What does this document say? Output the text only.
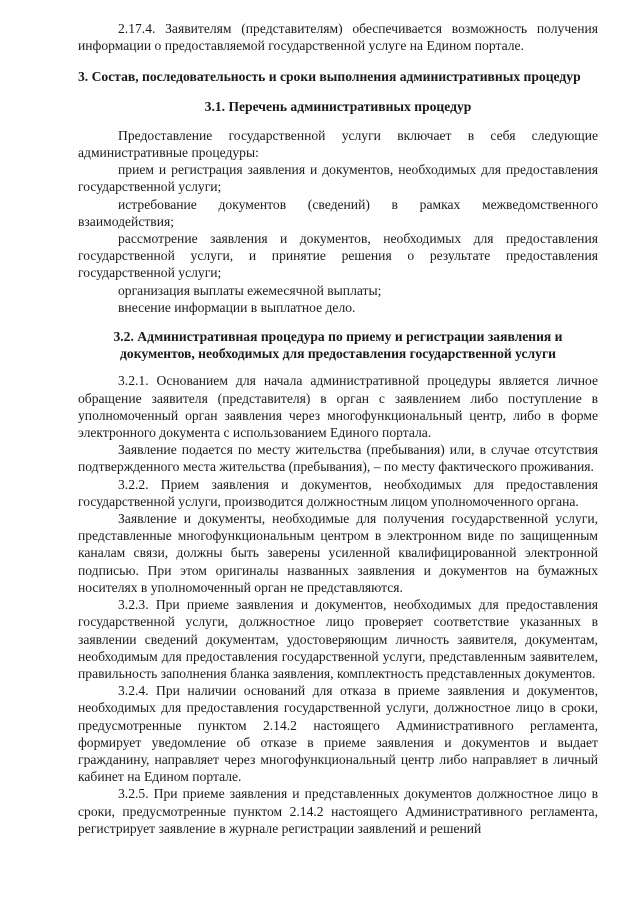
2.17.4. Заявителям (представителям) обеспечивается возможность получения информации о предоставляемой государственной услуге на Едином портале.

3. Состав, последовательность и сроки выполнения административных процедур

3.1. Перечень административных процедур

Предоставление государственной услуги включает в себя следующие административные процедуры:

прием и регистрация заявления и документов, необходимых для предоставления государственной услуги;

истребование документов (сведений) в рамках межведомственного взаимодействия;

рассмотрение заявления и документов, необходимых для предоставления государственной услуги, и принятие решения о результате предоставления государственной услуги;

организация выплаты ежемесячной выплаты;

внесение информации в выплатное дело.

3.2. Административная процедура по приему и регистрации заявления и документов, необходимых для предоставления государственной услуги

3.2.1. Основанием для начала административной процедуры является личное обращение заявителя (представителя) в орган с заявлением либо поступление в уполномоченный орган заявления через многофункциональный центр, либо в форме электронного документа с использованием Единого портала.

Заявление подается по месту жительства (пребывания) или, в случае отсутствия подтвержденного места жительства (пребывания), – по месту фактического проживания.

3.2.2. Прием заявления и документов, необходимых для предоставления государственной услуги, производится должностным лицом уполномоченного органа.

Заявление и документы, необходимые для получения государственной услуги, представленные многофункциональным центром в электронном виде по защищенным каналам связи, должны быть заверены усиленной квалифицированной электронной подписью. При этом оригиналы названных заявления и документов на бумажных носителях в уполномоченный орган не представляются.

3.2.3. При приеме заявления и документов, необходимых для предоставления государственной услуги, должностное лицо проверяет соответствие указанных в заявлении сведений документам, удостоверяющим личность заявителя, документам, необходимым для предоставления государственной услуги, представленным заявителем, правильность заполнения бланка заявления, комплектность представленных документов.

3.2.4. При наличии оснований для отказа в приеме заявления и документов, необходимых для предоставления государственной услуги, должностное лицо в сроки, предусмотренные пунктом 2.14.2 настоящего Административного регламента, формирует уведомление об отказе в приеме заявления и документов и выдает гражданину, направляет через многофункциональный центр либо направляет в личный кабинет на Едином портале.

3.2.5. При приеме заявления и представленных документов должностное лицо в сроки, предусмотренные пунктом 2.14.2 настоящего Административного регламента, регистрирует заявление в журнале регистрации заявлений и решений
